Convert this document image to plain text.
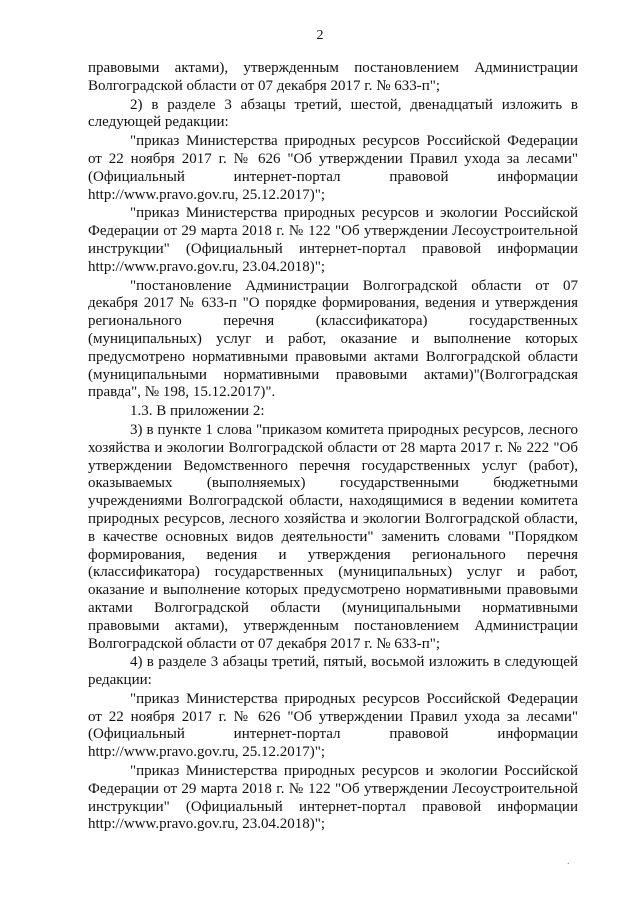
2

правовыми актами), утвержденным постановлением Администрации Волгоградской области от 07 декабря 2017 г. № 633-п";

2) в разделе 3 абзацы третий, шестой, двенадцатый изложить в следующей редакции:

"приказ Министерства природных ресурсов Российской Федерации от 22 ноября 2017 г. № 626 "Об утверждении Правил ухода за лесами" (Официальный интернет-портал правовой информации http://www.pravo.gov.ru, 25.12.2017)";

"приказ Министерства природных ресурсов и экологии Российской Федерации от 29 марта 2018 г. № 122 "Об утверждении Лесоустроительной инструкции" (Официальный интернет-портал правовой информации http://www.pravo.gov.ru, 23.04.2018)";

"постановление Администрации Волгоградской области от 07 декабря 2017 № 633-п "О порядке формирования, ведения и утверждения регионального перечня (классификатора) государственных (муниципальных) услуг и работ, оказание и выполнение которых предусмотрено нормативными правовыми актами Волгоградской области (муниципальными нормативными правовыми актами)"(Волгоградская правда", № 198, 15.12.2017)".

1.3. В приложении 2:

3) в пункте 1 слова "приказом комитета природных ресурсов, лесного хозяйства и экологии Волгоградской области от 28 марта 2017 г. № 222 "Об утверждении Ведомственного перечня государственных услуг (работ), оказываемых (выполняемых) государственными бюджетными учреждениями Волгоградской области, находящимися в ведении комитета природных ресурсов, лесного хозяйства и экологии Волгоградской области, в качестве основных видов деятельности" заменить словами "Порядком формирования, ведения и утверждения регионального перечня (классификатора) государственных (муниципальных) услуг и работ, оказание и выполнение которых предусмотрено нормативными правовыми актами Волгоградской области (муниципальными нормативными правовыми актами), утвержденным постановлением Администрации Волгоградской области от 07 декабря 2017 г. № 633-п";

4) в разделе 3 абзацы третий, пятый, восьмой изложить в следующей редакции:

"приказ Министерства природных ресурсов Российской Федерации от 22 ноября 2017 г. № 626 "Об утверждении Правил ухода за лесами" (Официальный интернет-портал правовой информации http://www.pravo.gov.ru, 25.12.2017)";

"приказ Министерства природных ресурсов и экологии Российской Федерации от 29 марта 2018 г. № 122 "Об утверждении Лесоустроительной инструкции" (Официальный интернет-портал правовой информации http://www.pravo.gov.ru, 23.04.2018)";

.
